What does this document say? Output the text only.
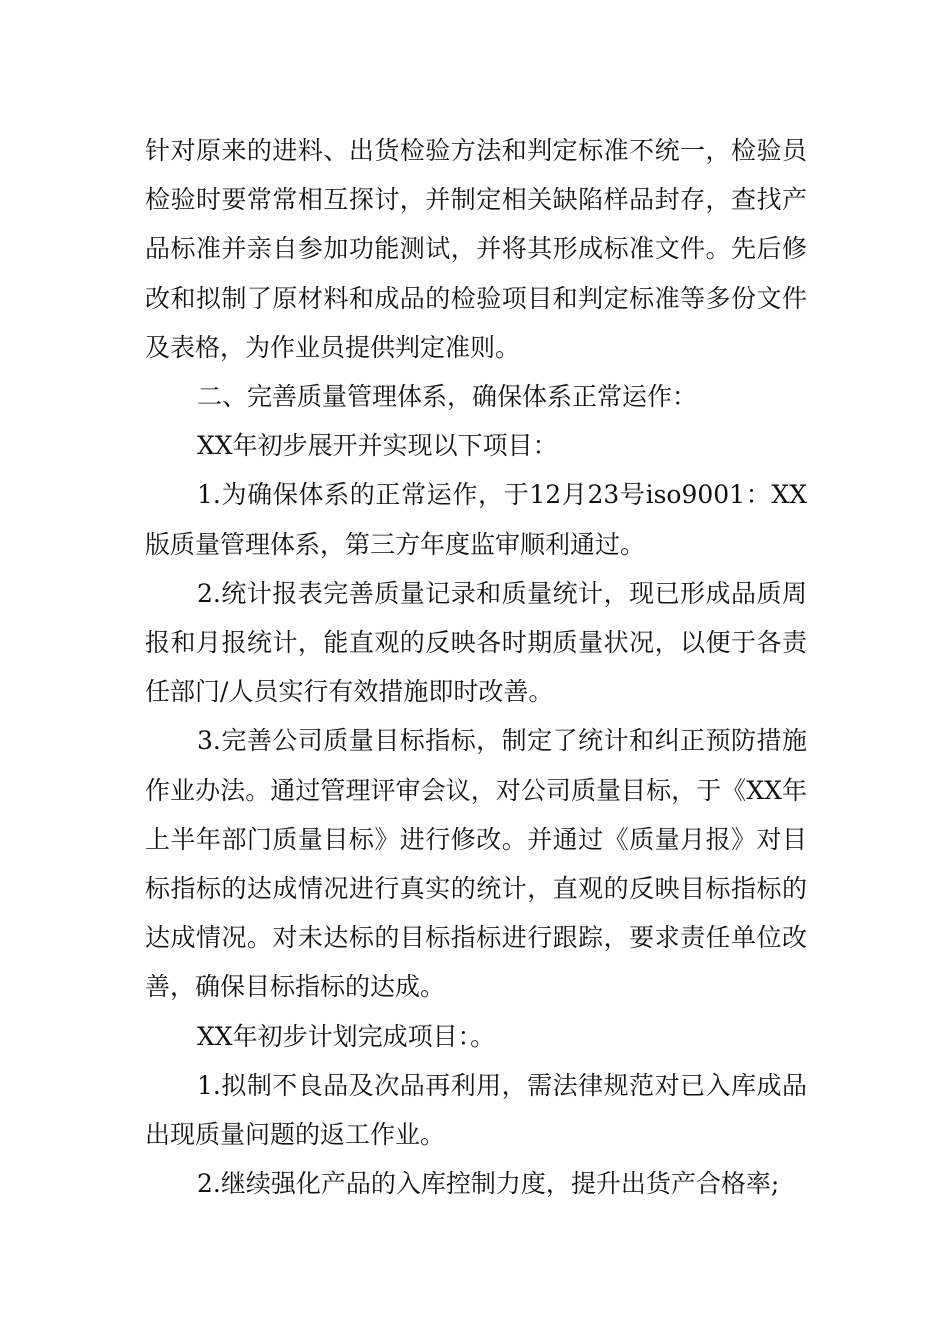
针对原来的进料、出货检验方法和判定标准不统一，检验员检验时要常常相互探讨，并制定相关缺陷样品封存，查找产品标准并亲自参加功能测试，并将其形成标准文件。先后修改和拟制了原材料和成品的检验项目和判定标准等多份文件及表格，为作业员提供判定准则。

二、完善质量管理体系，确保体系正常运作：

XX年初步展开并实现以下项目：

1.为确保体系的正常运作，于12月23号iso9001：XX版质量管理体系，第三方年度监审顺利通过。

2.统计报表完善质量记录和质量统计，现已形成品质周报和月报统计，能直观的反映各时期质量状况，以便于各责任部门/人员实行有效措施即时改善。

3.完善公司质量目标指标，制定了统计和纠正预防措施作业办法。通过管理评审会议，对公司质量目标，于《XX年上半年部门质量目标》进行修改。并通过《质量月报》对目标指标的达成情况进行真实的统计，直观的反映目标指标的达成情况。对未达标的目标指标进行跟踪，要求责任单位改善，确保目标指标的达成。

XX年初步计划完成项目：。

1.拟制不良品及次品再利用，需法律规范对已入库成品出现质量问题的返工作业。

2.继续强化产品的入库控制力度，提升出货产合格率;
